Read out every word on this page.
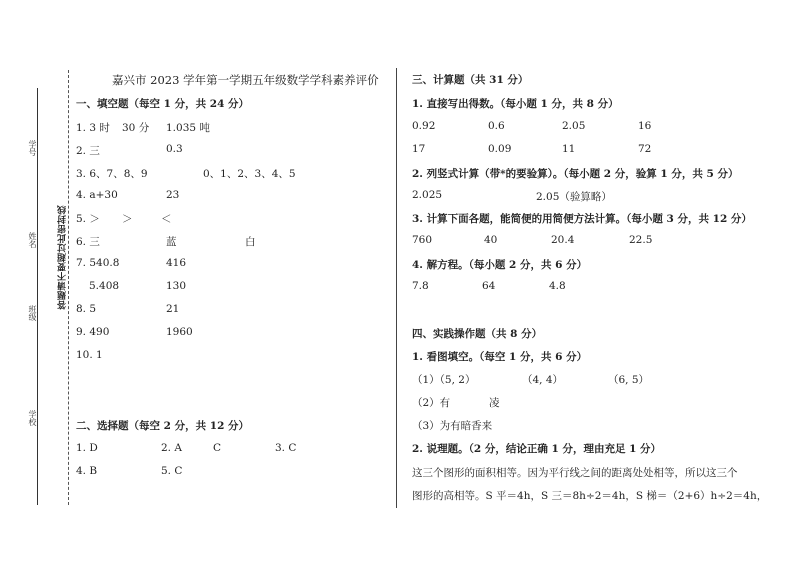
学号
姓名
班级
学校
答题请不要超过此密封线
嘉兴市 2023 学年第一学期五年级数学学科素养评价
一、填空题（每空 1 分，共 24 分）
1. 3 时 30 分 1.035 吨
2. 三	0.3
3. 6、7、8、9	0、1、2、3、4、5
4. a+30	23
5. ＞ ＞	＜
6. 三	蓝	白
7. 540.8	416
5.408	130
8. 5	21
9. 490	1960
10. 1
二、选择题（每空 2 分，共 12 分）
1. D	2. A	C	3. C
4. B	5. C
三、计算题（共 31 分）
1. 直接写出得数。（每小题 1 分，共 8 分）
0.92	0.6	2.05	16
17	0.09	11	72
2. 列竖式计算（带*的要验算）。（每小题 2 分，验算 1 分，共 5 分）
2.025	2.05（验算略）
3. 计算下面各题，能简便的用简便方法计算。（每小题 3 分，共 12 分）
760	40	20.4	22.5
4. 解方程。（每小题 2 分，共 6 分）
7.8	64	4.8
四、实践操作题（共 8 分）
1. 看图填空。（每空 1 分，共 6 分）
（1）（5, 2）	（4, 4）	（6, 5）
（2）有	凌
（3）为有暗香来
2. 说理题。（2 分，结论正确 1 分，理由充足 1 分）
这三个图形的面积相等。因为平行线之间的距离处处相等，所以这三个
图形的高相等。S 平＝4h，S 三＝8h÷2＝4h，S 梯＝（2+6）h÷2＝4h，
